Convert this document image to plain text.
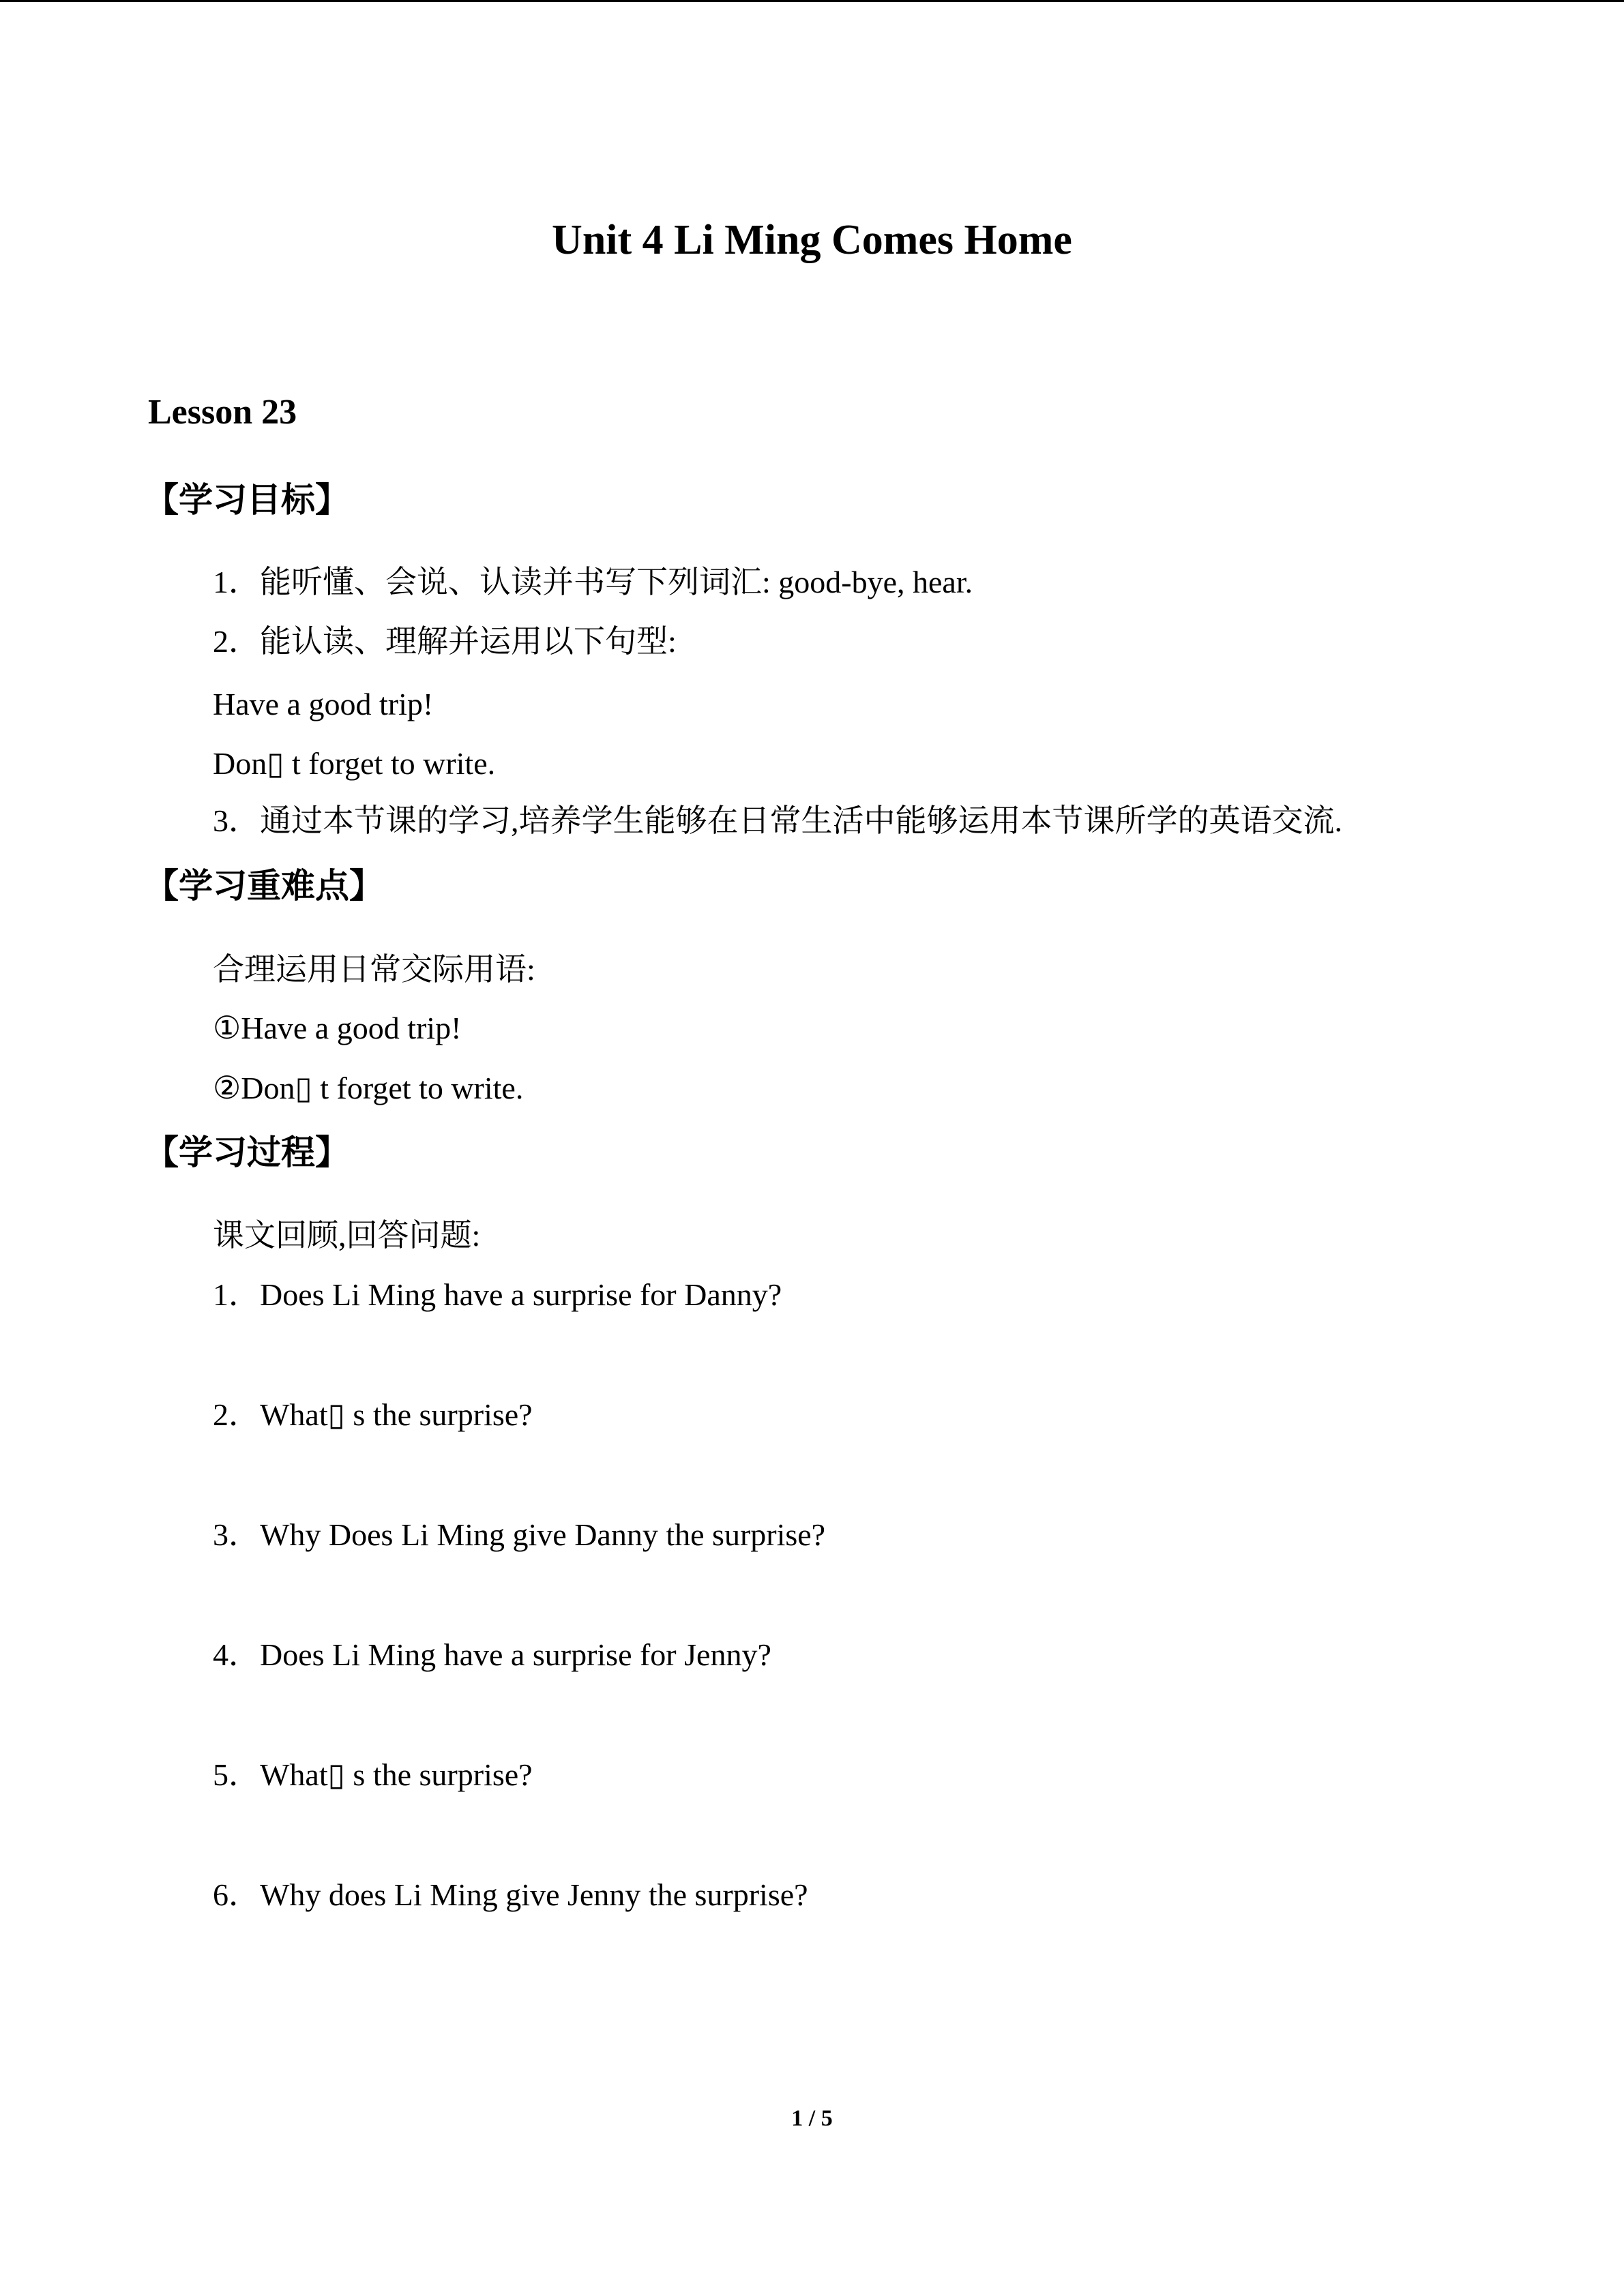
Unit 4 Li Ming Comes Home
Lesson 23
【学习目标】
1．能听懂、会说、认读并书写下列词汇: good-bye, hear.
2．能认读、理解并运用以下句型:
Have a good trip!
Don▯ t forget to write.
3．通过本节课的学习,培养学生能够在日常生活中能够运用本节课所学的英语交流.
【学习重难点】
合理运用日常交际用语:
①Have a good trip!
②Don▯ t forget to write.
【学习过程】
课文回顾,回答问题:
1．Does Li Ming have a surprise for Danny?
2．What▯ s the surprise?
3．Why Does Li Ming give Danny the surprise?
4．Does Li Ming have a surprise for Jenny?
5．What▯ s the surprise?
6．Why does Li Ming give Jenny the surprise?
1 / 5
